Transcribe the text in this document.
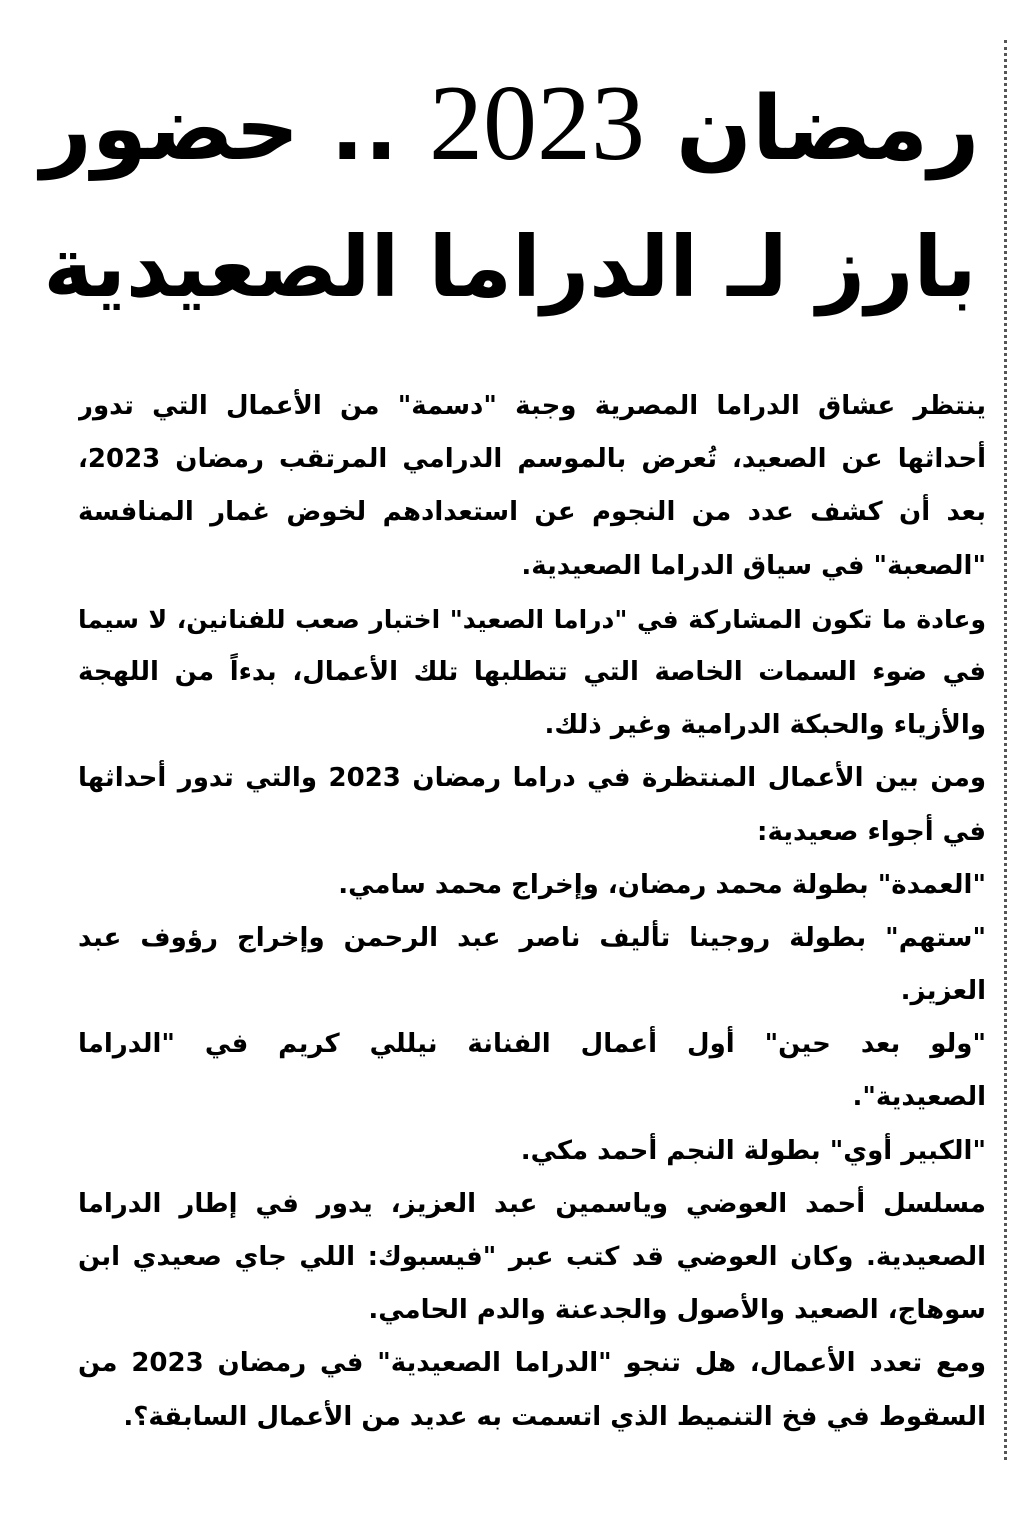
رمضان 2023 .. حضور
بارز لـ الدراما الصعيدية
ينتظر عشاق الدراما المصرية وجبة "دسمة" من الأعمال التي تدور
أحداثها عن الصعيد، تُعرض بالموسم الدرامي المرتقب رمضان 2023،
بعد أن كشف عدد من النجوم عن استعدادهم لخوض غمار المنافسة
"الصعبة" في سياق الدراما الصعيدية.
وعادة ما تكون المشاركة في "دراما الصعيد" اختبار صعب للفنانين، لا سيما
في ضوء السمات الخاصة التي تتطلبها تلك الأعمال، بدءاً من اللهجة
والأزياء والحبكة الدرامية وغير ذلك.
ومن بين الأعمال المنتظرة في دراما رمضان 2023 والتي تدور أحداثها
في أجواء صعيدية:
"العمدة" بطولة محمد رمضان، وإخراج محمد سامي.
"ستهم" بطولة روجينا تأليف ناصر عبد الرحمن وإخراج رؤوف عبد
العزيز.
"ولو بعد حين" أول أعمال الفنانة نيللي كريم في "الدراما
الصعيدية".
"الكبير أوي" بطولة النجم أحمد مكي.
مسلسل أحمد العوضي وياسمين عبد العزيز، يدور في إطار الدراما
الصعيدية. وكان العوضي قد كتب عبر "فيسبوك: اللي جاي صعيدي ابن
سوهاج، الصعيد والأصول والجدعنة والدم الحامي.
ومع تعدد الأعمال، هل تنجو "الدراما الصعيدية" في رمضان 2023 من
السقوط في فخ التنميط الذي اتسمت به عديد من الأعمال السابقة؟.
